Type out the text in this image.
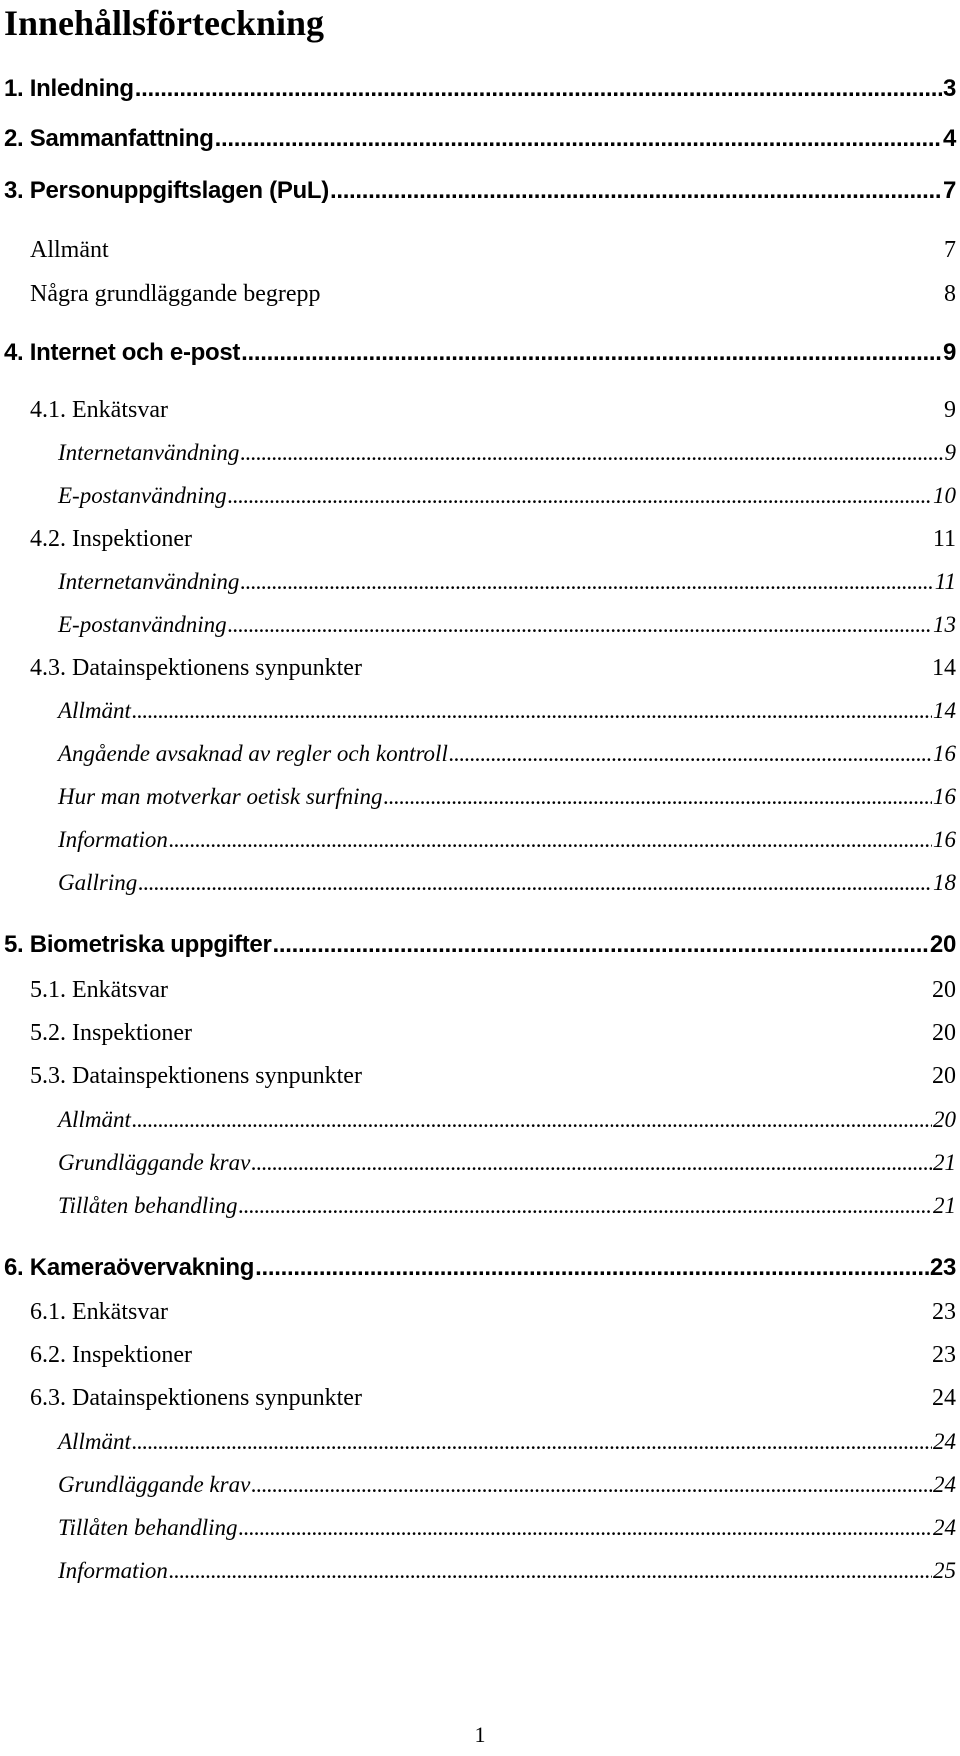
Innehållsförteckning
1. Inledning .....	3
2. Sammanfattning .....	4
3. Personuppgiftslagen (PuL) .....	7
Allmänt	7
Några grundläggande begrepp	8
4. Internet och e-post .....	9
4.1. Enkätsvar	9
Internetanvändning .....	9
E-postanvändning .....	10
4.2. Inspektioner	11
Internetanvändning .....	11
E-postanvändning .....	13
4.3. Datainspektionens synpunkter	14
Allmänt .....	14
Angående avsaknad av regler och kontroll .....	16
Hur man motverkar oetisk surfning .....	16
Information .....	16
Gallring .....	18
5. Biometriska uppgifter .....	20
5.1. Enkätsvar	20
5.2. Inspektioner	20
5.3. Datainspektionens synpunkter	20
Allmänt .....	20
Grundläggande krav .....	21
Tillåten behandling .....	21
6. Kameraövervakning .....	23
6.1. Enkätsvar	23
6.2. Inspektioner	23
6.3. Datainspektionens synpunkter	24
Allmänt .....	24
Grundläggande krav .....	24
Tillåten behandling .....	24
Information .....	25
1
